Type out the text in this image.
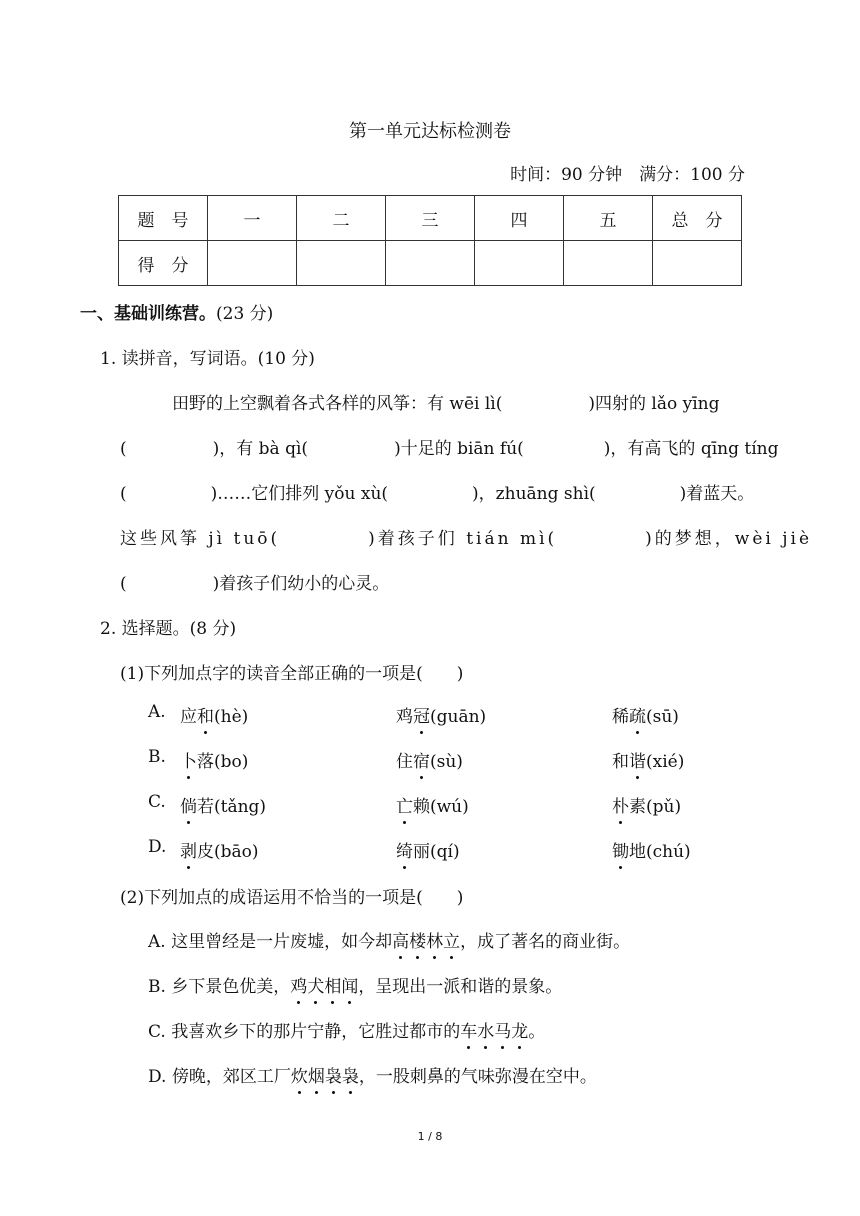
第一单元达标检测卷
时间：90 分钟　满分：100 分
题　号	一	二	三	四	五	总　分
得　分						
一、基础训练营。(23 分)
1. 读拼音，写词语。(10 分)
田野的上空飘着各式各样的风筝：有 wēi lì(	)四射的 lǎo yīng
(	)，有 bà qì(	)十足的 biān fú(	)，有高飞的 qīng tíng
(	)……它们排列 yǒu xù(	)，zhuāng shì(	)着蓝天。
这些风筝 jì tuō(	)着孩子们 tián mì(	)的梦想，wèi jiè
(	)着孩子们幼小的心灵。
2. 选择题。(8 分)
(1)下列加点字的读音全部正确的一项是(　　)
A. 应和(hè)	鸡冠(guān)	稀疏(sū)
B. 卜落(bo)	住宿(sù)	和谐(xié)
C. 倘若(tǎng)	亡赖(wú)	朴素(pǔ)
D. 剥皮(bāo)	绮丽(qí)	锄地(chú)
(2)下列加点的成语运用不恰当的一项是(　　)
A. 这里曾经是一片废墟，如今却高楼林立，成了著名的商业街。
B. 乡下景色优美，鸡犬相闻，呈现出一派和谐的景象。
C. 我喜欢乡下的那片宁静，它胜过都市的车水马龙。
D. 傍晚，郊区工厂炊烟袅袅，一股刺鼻的气味弥漫在空中。
1 / 8
